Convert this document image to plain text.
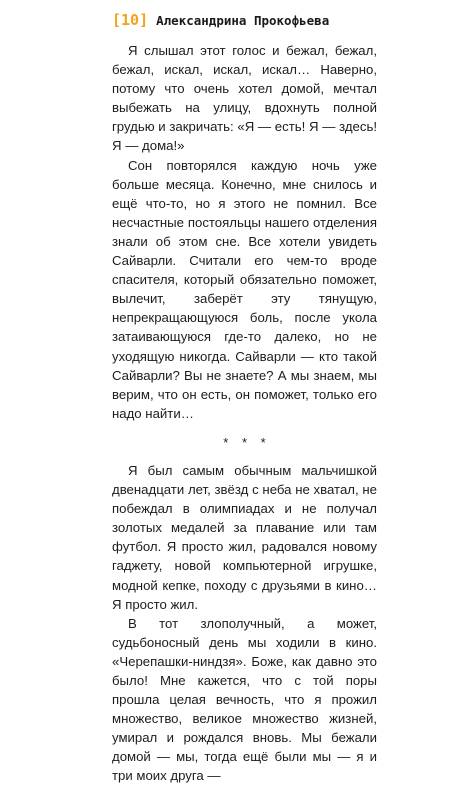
[10] Александрина Прокофьева

Я слышал этот голос и бежал, бежал, бежал, искал, искал, искал… Наверно, потому что очень хотел домой, мечтал выбежать на улицу, вдохнуть полной грудью и закричать: «Я — есть! Я — здесь! Я — дома!»

Сон повторялся каждую ночь уже больше месяца. Конечно, мне снилось и ещё что-то, но я этого не помнил. Все несчастные постояльцы нашего отделения знали об этом сне. Все хотели увидеть Сайварли. Считали его чем-то вроде спасителя, который обязательно поможет, вылечит, заберёт эту тянущую, непрекращающуюся боль, после укола затаивающуюся где-то далеко, но не уходящую никогда. Сайварли — кто такой Сайварли? Вы не знаете? А мы знаем, мы верим, что он есть, он поможет, только его надо найти…

* * *

Я был самым обычным мальчишкой двенадцати лет, звёзд с неба не хватал, не побеждал в олимпиадах и не получал золотых медалей за плавание или там футбол. Я просто жил, радовался новому гаджету, новой компьютерной игрушке, модной кепке, походу с друзьями в кино… Я просто жил.

В тот злополучный, а может, судьбоносный день мы ходили в кино. «Черепашки-ниндзя». Боже, как давно это было! Мне кажется, что с той поры прошла целая вечность, что я прожил множество, великое множество жизней, умирал и рождался вновь. Мы бежали домой — мы, тогда ещё были мы — я и три моих друга —
